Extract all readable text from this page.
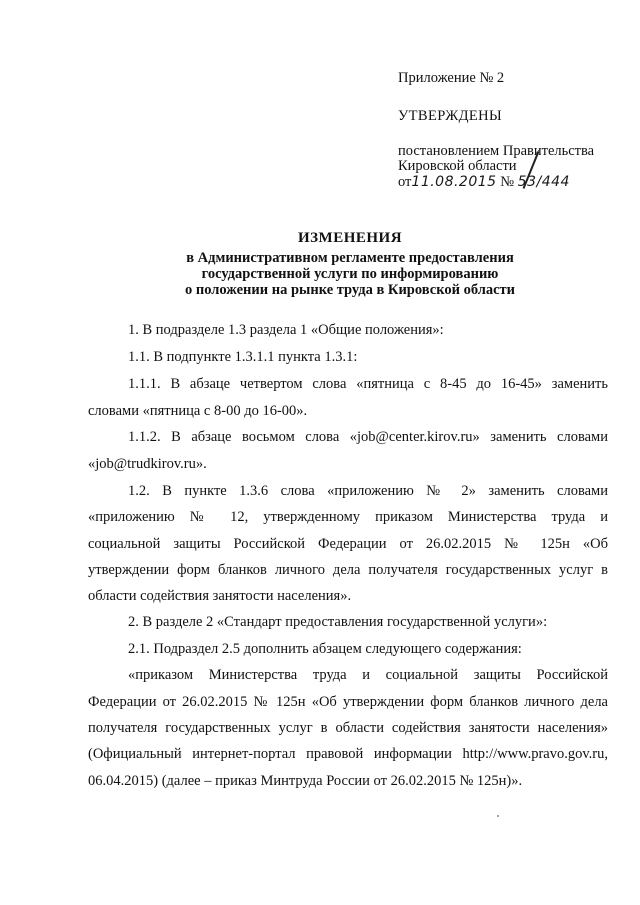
Приложение № 2
УТВЕРЖДЕНЫ
постановлением Правительства
Кировской области
от11.08.2015 № 53/444
ИЗМЕНЕНИЯ
в Административном регламенте предоставления
государственной услуги по информированию
о положении на рынке труда в Кировской области
1. В подразделе 1.3 раздела 1 «Общие положения»:
1.1. В подпункте 1.3.1.1 пункта 1.3.1:
1.1.1. В абзаце четвертом слова «пятница с 8-45 до 16-45» заменить
словами «пятница с 8-00 до 16-00».
1.1.2. В абзаце восьмом слова «job@center.kirov.ru» заменить словами
«job@trudkirov.ru».
1.2. В пункте 1.3.6 слова «приложению № 2» заменить словами
«приложению № 12, утвержденному приказом Министерства труда и
социальной защиты Российской Федерации от 26.02.2015 № 125н «Об
утверждении форм бланков личного дела получателя государственных услуг в
области содействия занятости населения».
2. В разделе 2 «Стандарт предоставления государственной услуги»:
2.1. Подраздел 2.5 дополнить абзацем следующего содержания:
«приказом Министерства труда и социальной защиты Российской
Федерации от 26.02.2015 № 125н «Об утверждении форм бланков личного дела
получателя государственных услуг в области содействия занятости населения»
(Официальный интернет-портал правовой информации http://www.pravo.gov.ru,
06.04.2015) (далее – приказ Минтруда России от 26.02.2015 № 125н)».
